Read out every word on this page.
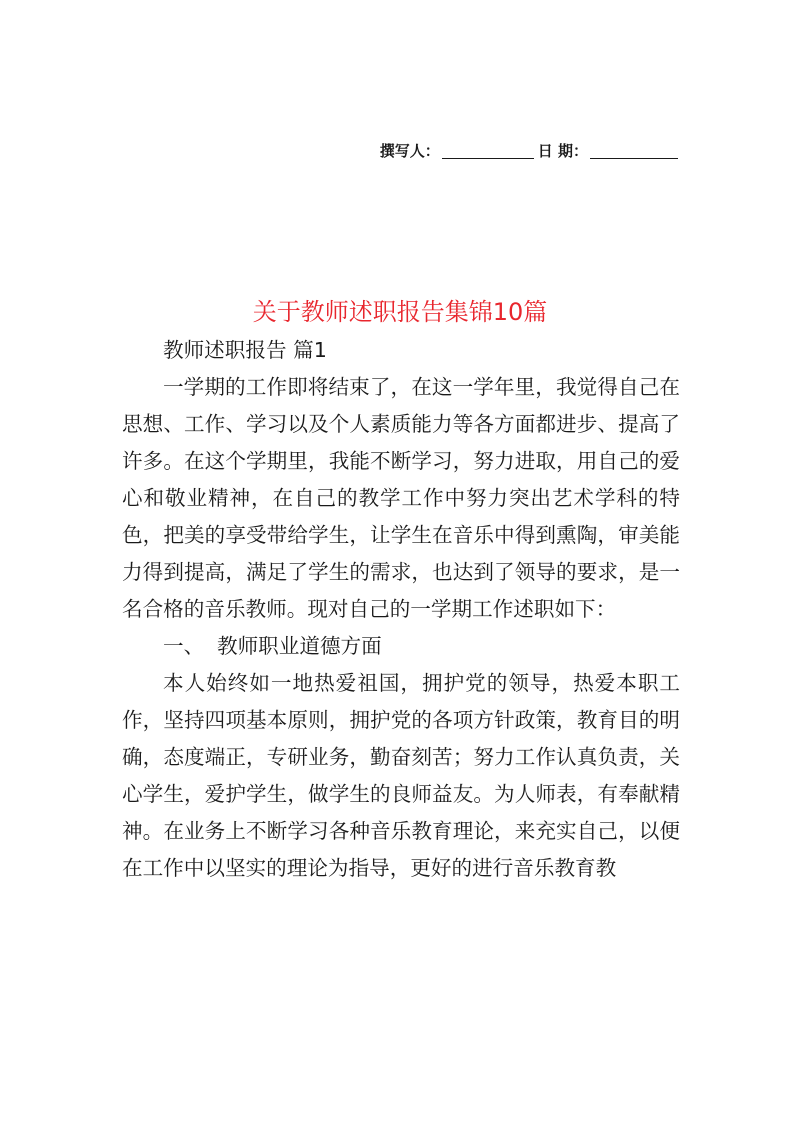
撰写人：	日 期：
关于教师述职报告集锦10篇

教师述职报告 篇1

一学期的工作即将结束了，在这一学年里，我觉得自己在思想、工作、学习以及个人素质能力等各方面都进步、提高了许多。在这个学期里，我能不断学习，努力进取，用自己的爱心和敬业精神，在自己的教学工作中努力突出艺术学科的特色，把美的享受带给学生，让学生在音乐中得到熏陶，审美能力得到提高，满足了学生的需求，也达到了领导的要求，是一名合格的音乐教师。现对自己的一学期工作述职如下：

一、 教师职业道德方面

本人始终如一地热爱祖国，拥护党的领导，热爱本职工作，坚持四项基本原则，拥护党的各项方针政策，教育目的明确，态度端正，专研业务，勤奋刻苦；努力工作认真负责，关心学生，爱护学生，做学生的良师益友。为人师表，有奉献精神。在业务上不断学习各种音乐教育理论，来充实自己，以便在工作中以坚实的理论为指导，更好的进行音乐教育教
